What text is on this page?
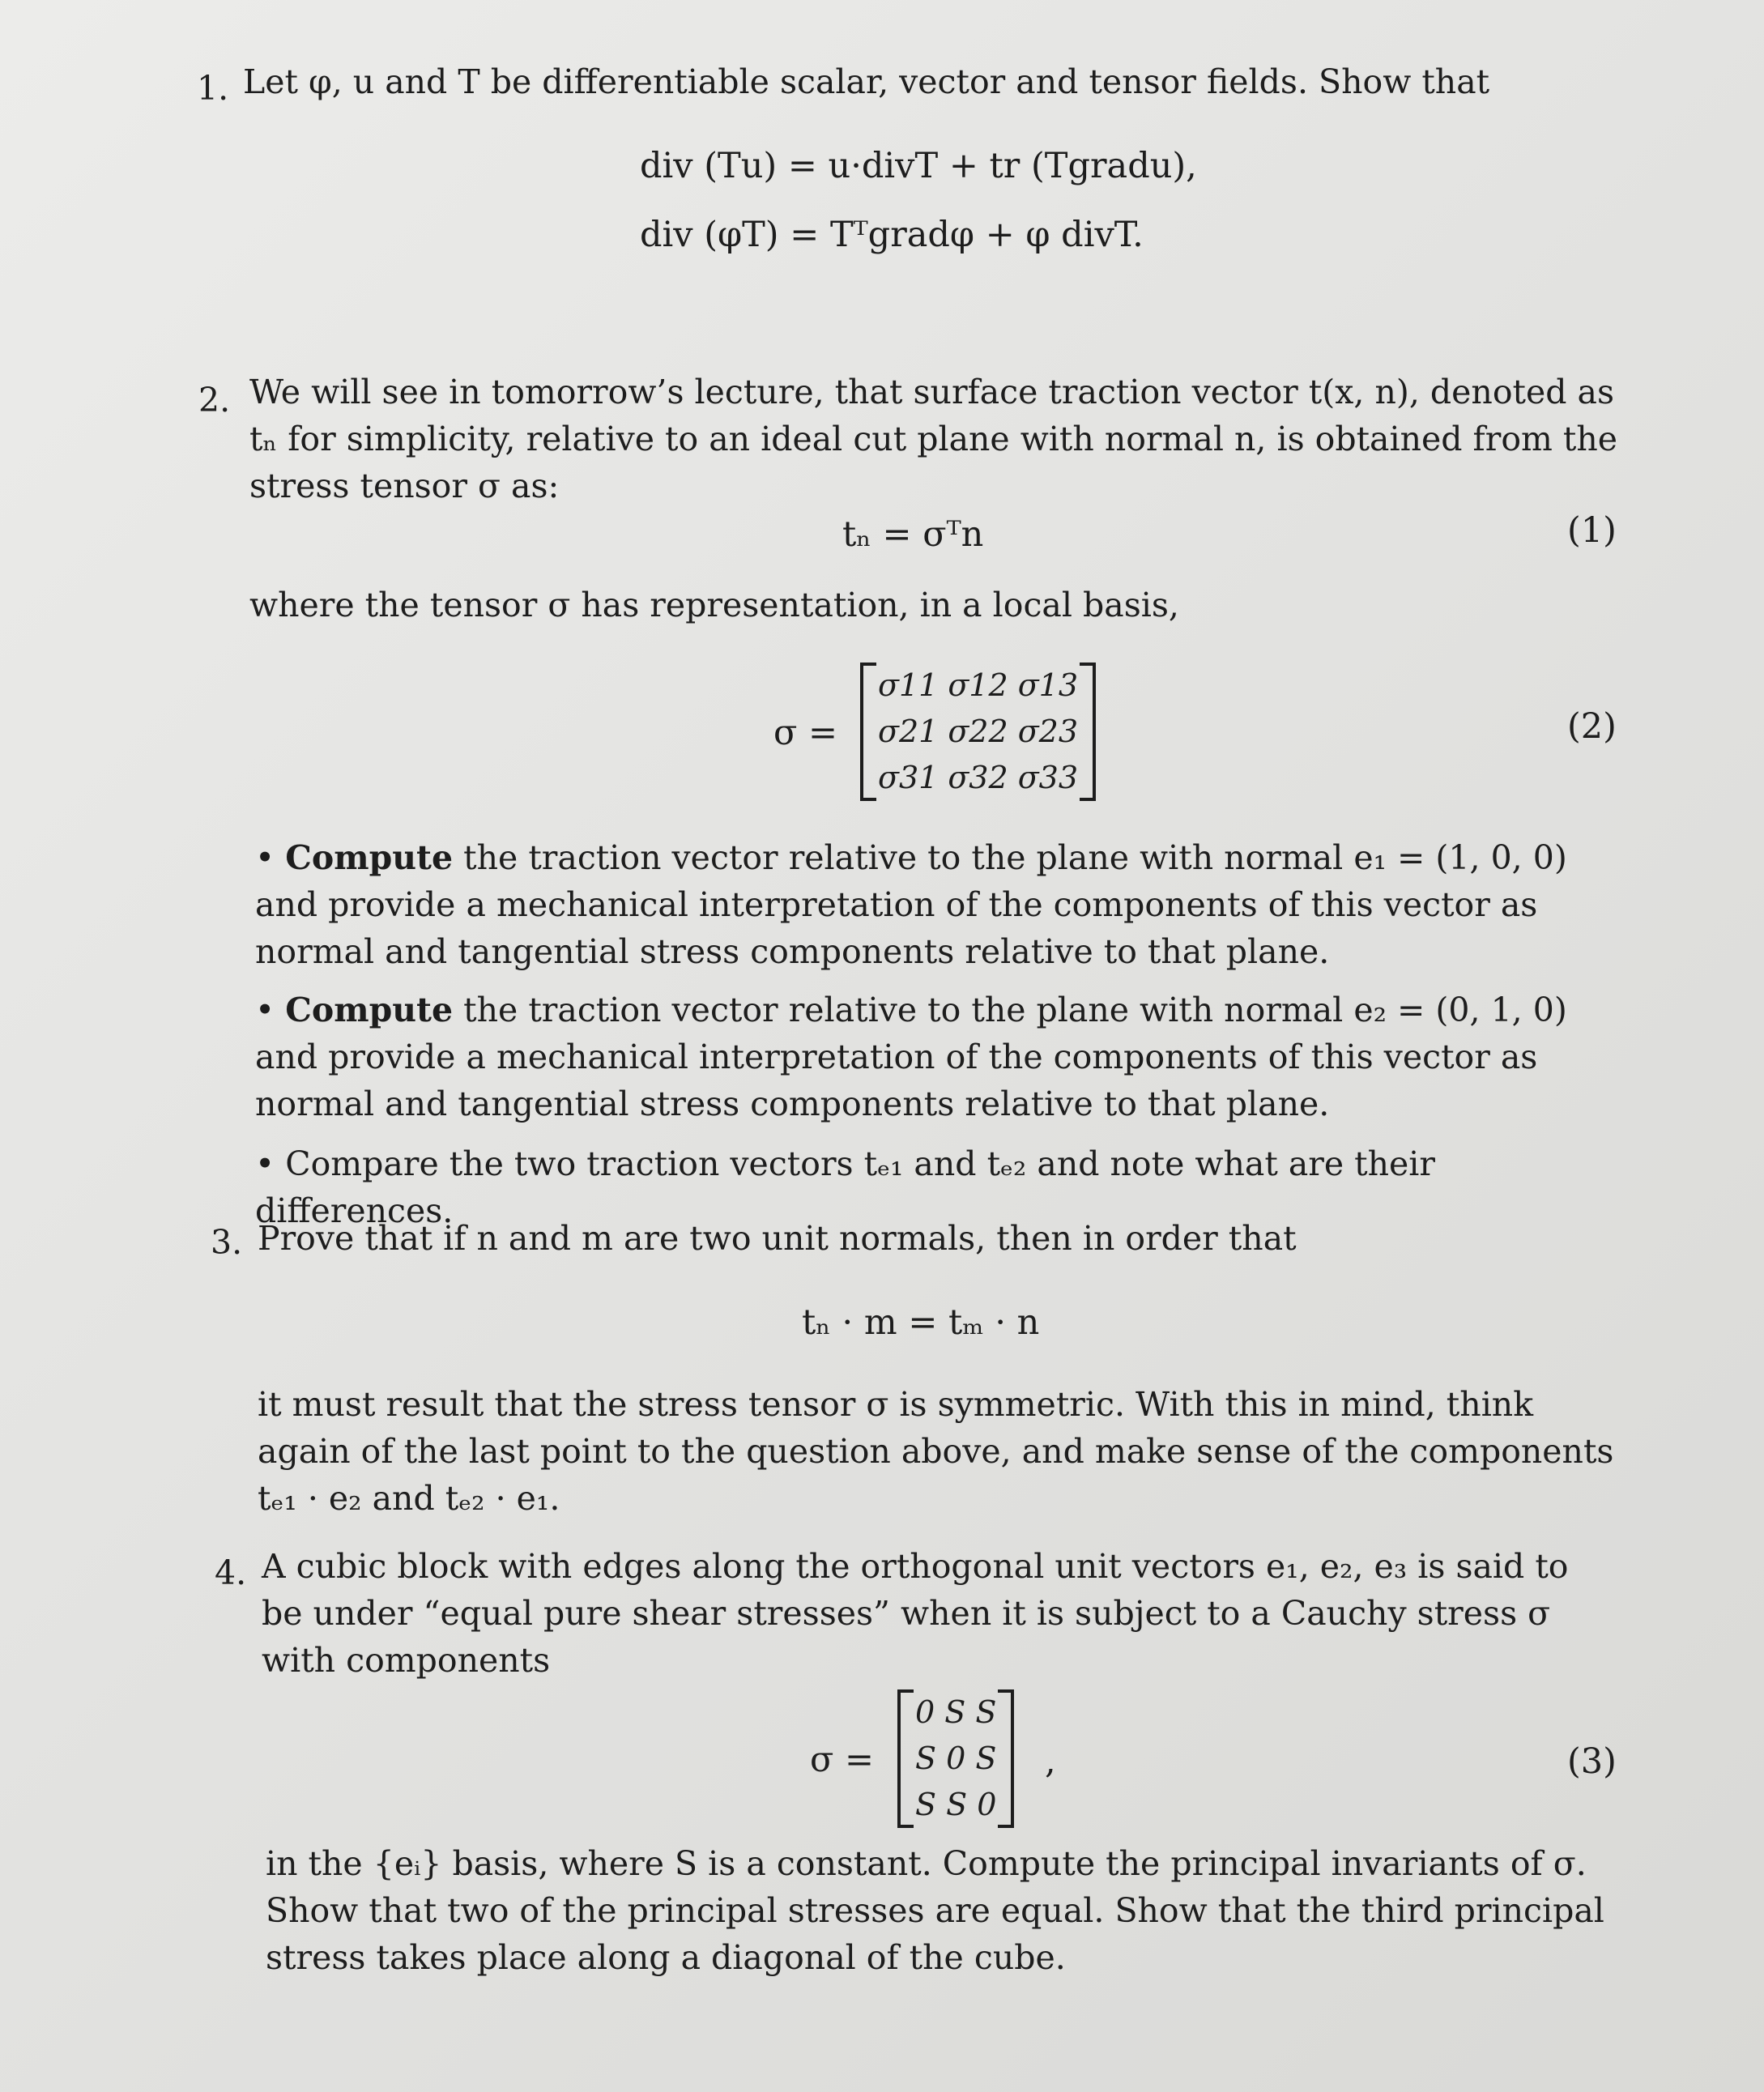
1. Let φ, u and T be differentiable scalar, vector and tensor fields. Show that
div (Tu) = u·divT + tr (Tgradu),
div (φT) = Tᵀgradφ + φ divT.
2. We will see in tomorrow’s lecture, that surface traction vector t(x, n), denoted as tₙ for simplicity, relative to an ideal cut plane with normal n, is obtained from the stress tensor σ as:
tₙ = σᵀn	(1)
where the tensor σ has representation, in a local basis,
σ =
σ11 σ12 σ13
σ21 σ22 σ23
σ31 σ32 σ33
(2)
• Compute the traction vector relative to the plane with normal e₁ = (1, 0, 0) and provide a mechanical interpretation of the components of this vector as normal and tangential stress components relative to that plane.
• Compute the traction vector relative to the plane with normal e₂ = (0, 1, 0) and provide a mechanical interpretation of the components of this vector as normal and tangential stress components relative to that plane.
• Compare the two traction vectors tₑ₁ and tₑ₂ and note what are their differences.
3. Prove that if n and m are two unit normals, then in order that
tₙ · m = tₘ · n
it must result that the stress tensor σ is symmetric. With this in mind, think again of the last point to the question above, and make sense of the components tₑ₁ · e₂ and tₑ₂ · e₁.
4. A cubic block with edges along the orthogonal unit vectors e₁, e₂, e₃ is said to be under “equal pure shear stresses” when it is subject to a Cauchy stress σ with components
σ =
0 S S
S 0 S
S S 0
,	(3)
in the {eᵢ} basis, where S is a constant. Compute the principal invariants of σ. Show that two of the principal stresses are equal. Show that the third principal stress takes place along a diagonal of the cube.
